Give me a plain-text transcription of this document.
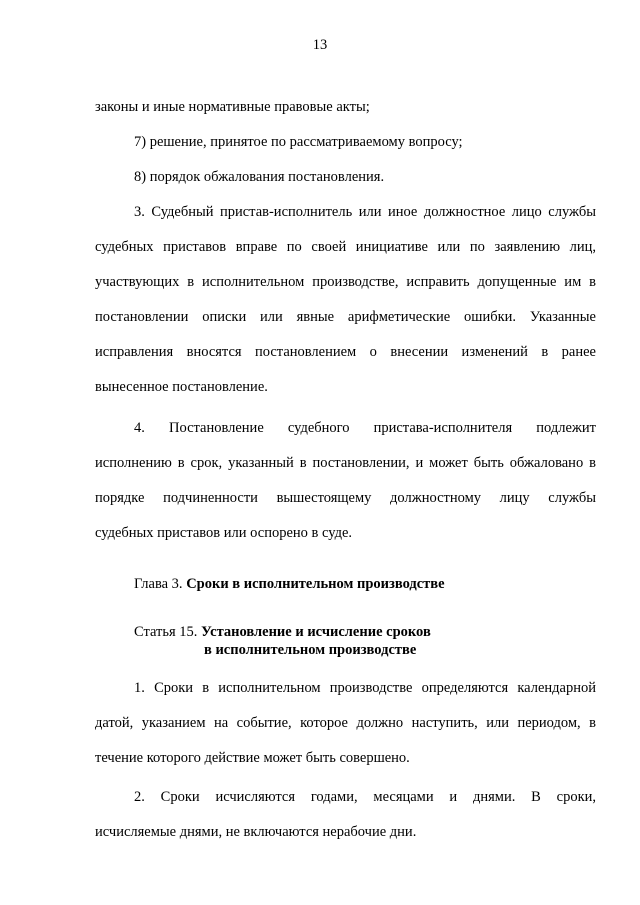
13

законы и иные нормативные правовые акты;

7) решение, принятое по рассматриваемому вопросу;

8) порядок обжалования постановления.

3. Судебный пристав-исполнитель или иное должностное лицо службы

судебных приставов вправе по своей инициативе или по заявлению лиц,

участвующих в исполнительном производстве, исправить допущенные им в

постановлении описки или явные арифметические ошибки. Указанные

исправления вносятся постановлением о внесении изменений в ранее

вынесенное постановление.

4. Постановление судебного пристава-исполнителя подлежит

исполнению в срок, указанный в постановлении, и может быть обжаловано в

порядке подчиненности вышестоящему должностному лицу службы

судебных приставов или оспорено в суде.

Глава 3. Сроки в исполнительном производстве

Статья 15. Установление и исчисление сроков

в исполнительном производстве

1. Сроки в исполнительном производстве определяются календарной

датой, указанием на событие, которое должно наступить, или периодом, в

течение которого действие может быть совершено.

2. Сроки исчисляются годами, месяцами и днями. В сроки,

исчисляемые днями, не включаются нерабочие дни.
